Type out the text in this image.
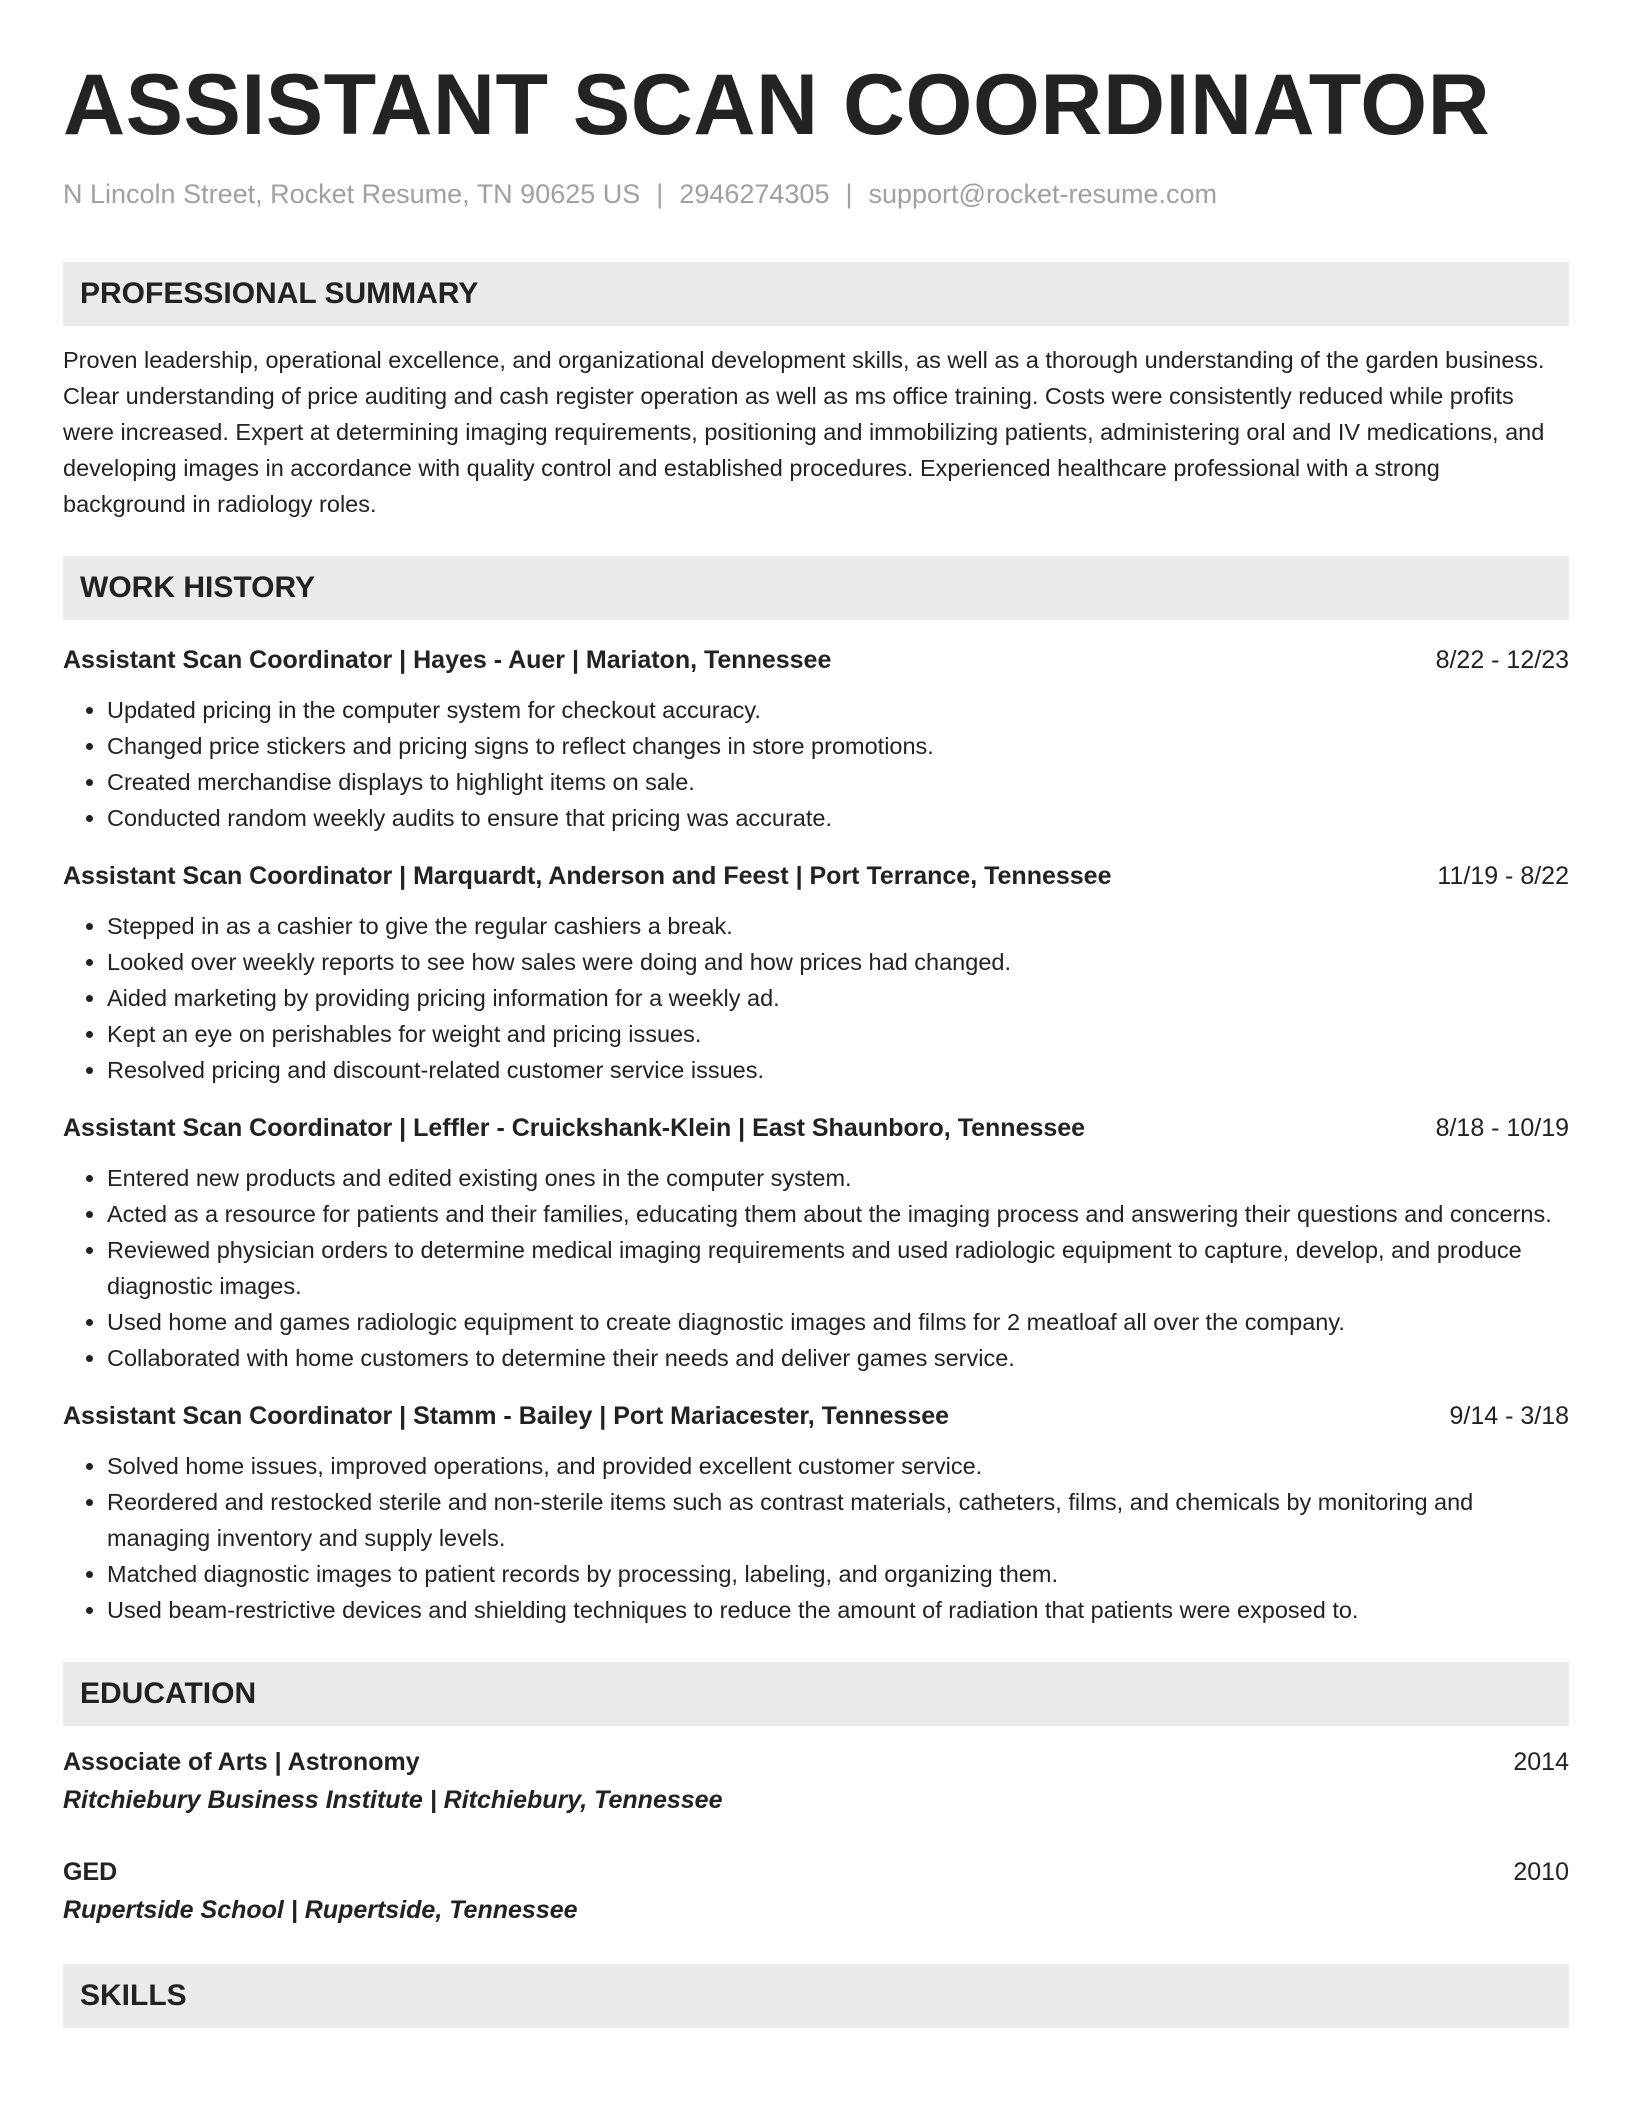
ASSISTANT SCAN COORDINATOR
N Lincoln Street, Rocket Resume, TN 90625 US | 2946274305 | support@rocket-resume.com
PROFESSIONAL SUMMARY
Proven leadership, operational excellence, and organizational development skills, as well as a thorough understanding of the garden business. Clear understanding of price auditing and cash register operation as well as ms office training. Costs were consistently reduced while profits were increased. Expert at determining imaging requirements, positioning and immobilizing patients, administering oral and IV medications, and developing images in accordance with quality control and established procedures. Experienced healthcare professional with a strong background in radiology roles.
WORK HISTORY
Assistant Scan Coordinator | Hayes - Auer | Mariaton, Tennessee	8/22 - 12/23
• Updated pricing in the computer system for checkout accuracy.
• Changed price stickers and pricing signs to reflect changes in store promotions.
• Created merchandise displays to highlight items on sale.
• Conducted random weekly audits to ensure that pricing was accurate.
Assistant Scan Coordinator | Marquardt, Anderson and Feest | Port Terrance, Tennessee	11/19 - 8/22
• Stepped in as a cashier to give the regular cashiers a break.
• Looked over weekly reports to see how sales were doing and how prices had changed.
• Aided marketing by providing pricing information for a weekly ad.
• Kept an eye on perishables for weight and pricing issues.
• Resolved pricing and discount-related customer service issues.
Assistant Scan Coordinator | Leffler - Cruickshank-Klein | East Shaunboro, Tennessee	8/18 - 10/19
• Entered new products and edited existing ones in the computer system.
• Acted as a resource for patients and their families, educating them about the imaging process and answering their questions and concerns.
• Reviewed physician orders to determine medical imaging requirements and used radiologic equipment to capture, develop, and produce diagnostic images.
• Used home and games radiologic equipment to create diagnostic images and films for 2 meatloaf all over the company.
• Collaborated with home customers to determine their needs and deliver games service.
Assistant Scan Coordinator | Stamm - Bailey | Port Mariacester, Tennessee	9/14 - 3/18
• Solved home issues, improved operations, and provided excellent customer service.
• Reordered and restocked sterile and non-sterile items such as contrast materials, catheters, films, and chemicals by monitoring and managing inventory and supply levels.
• Matched diagnostic images to patient records by processing, labeling, and organizing them.
• Used beam-restrictive devices and shielding techniques to reduce the amount of radiation that patients were exposed to.
EDUCATION
Associate of Arts | Astronomy	2014
Ritchiebury Business Institute | Ritchiebury, Tennessee
GED	2010
Rupertside School | Rupertside, Tennessee
SKILLS
